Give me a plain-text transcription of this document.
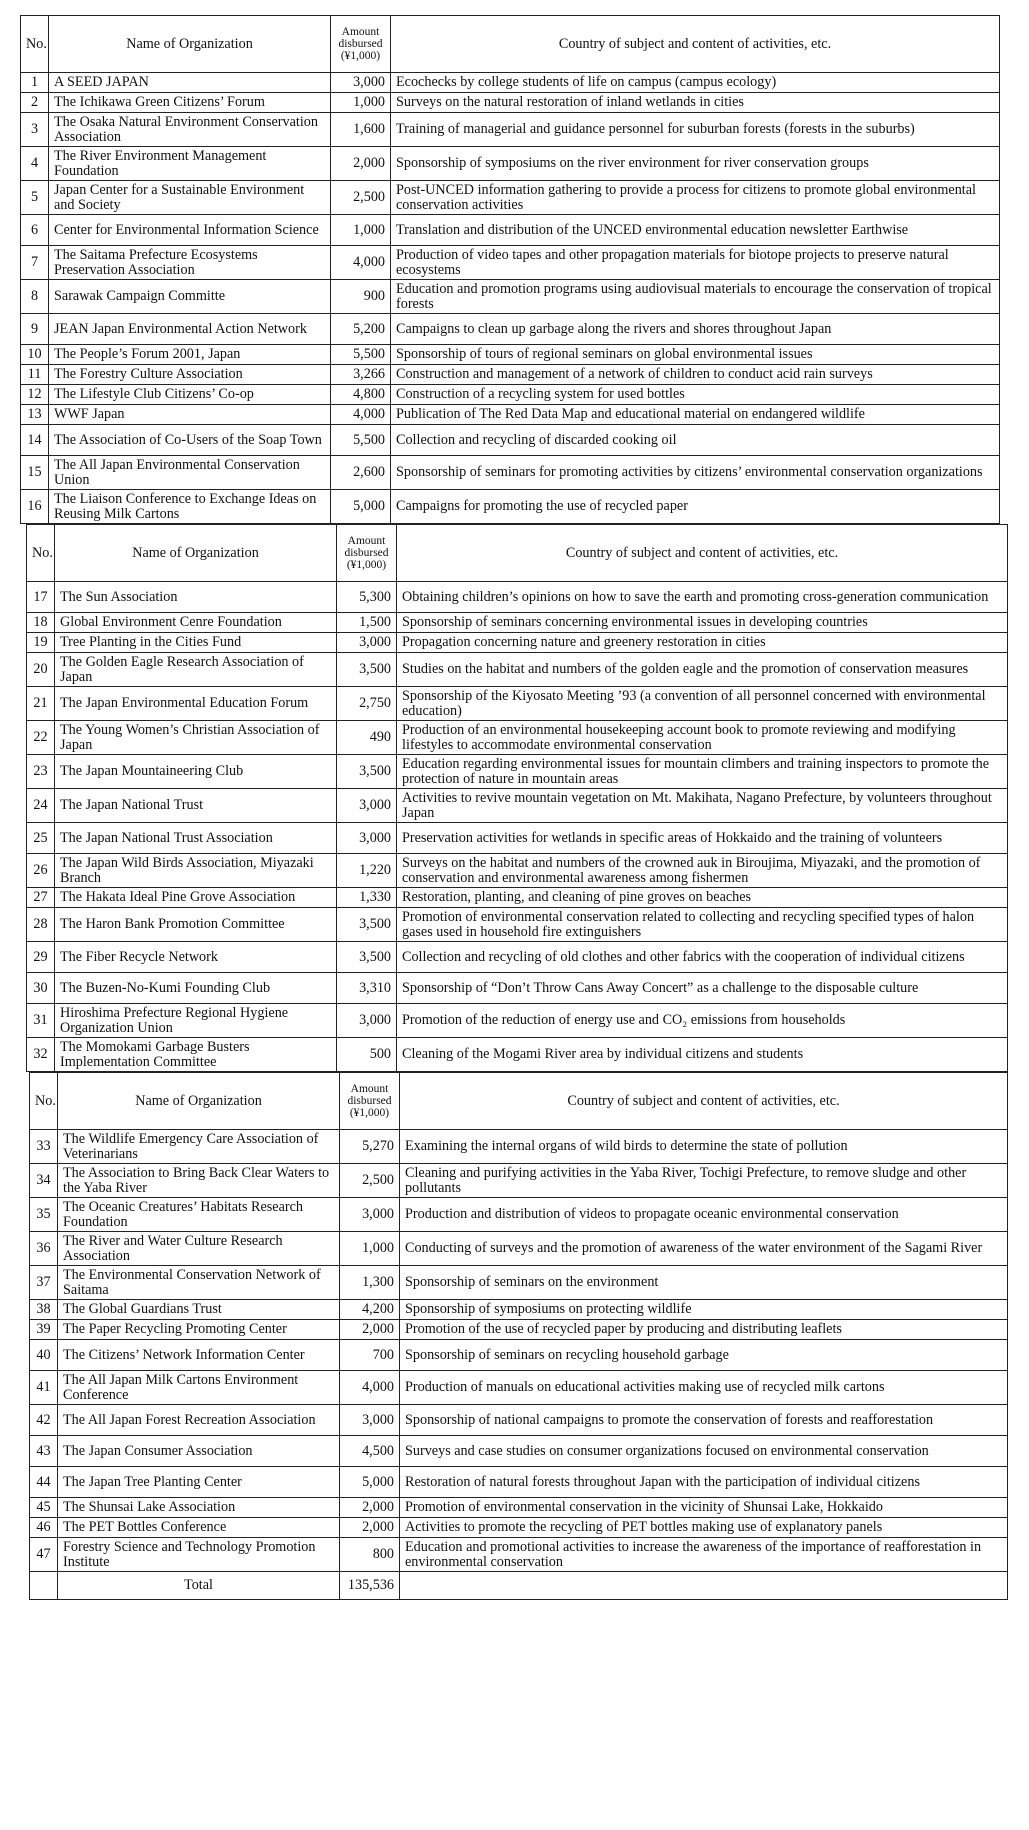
No.	Name of Organization	Amount
disbursed
(¥1,000)	Country of subject and content of activities, etc.
1	A SEED JAPAN	3,000	Ecochecks by college students of life on campus (campus ecology)
2	The Ichikawa Green Citizens’ Forum	1,000	Surveys on the natural restoration of inland wetlands in cities
3	The Osaka Natural Environment Conservation Association	1,600	Training of managerial and guidance personnel for suburban forests (forests in the suburbs)
4	The River Environment Management Foundation	2,000	Sponsorship of symposiums on the river environment for river conservation groups
5	Japan Center for a Sustainable Environment and Society	2,500	Post-UNCED information gathering to provide a process for citizens to promote global environmental conservation activities
6	Center for Environmental Information Science	1,000	Translation and distribution of the UNCED environmental education newsletter Earthwise
7	The Saitama Prefecture Ecosystems Preservation Association	4,000	Production of video tapes and other propagation materials for biotope projects to preserve natural ecosystems
8	Sarawak Campaign Committe	900	Education and promotion programs using audiovisual materials to encourage the conservation of tropical forests
9	JEAN Japan Environmental Action Network	5,200	Campaigns to clean up garbage along the rivers and shores throughout Japan
10	The People’s Forum 2001, Japan	5,500	Sponsorship of tours of regional seminars on global environmental issues
11	The Forestry Culture Association	3,266	Construction and management of a network of children to conduct acid rain surveys
12	The Lifestyle Club Citizens’ Co-op	4,800	Construction of a recycling system for used bottles
13	WWF Japan	4,000	Publication of The Red Data Map and educational material on endangered wildlife
14	The Association of Co-Users of the Soap Town	5,500	Collection and recycling of discarded cooking oil
15	The All Japan Environmental Conservation Union	2,600	Sponsorship of seminars for promoting activities by citizens’ environmental conservation organizations
16	The Liaison Conference to Exchange Ideas on Reusing Milk Cartons	5,000	Campaigns for promoting the use of recycled paper
No.	Name of Organization	Amount
disbursed
(¥1,000)	Country of subject and content of activities, etc.
17	The Sun Association	5,300	Obtaining children’s opinions on how to save the earth and promoting cross-generation communication
18	Global Environment Cenre Foundation	1,500	Sponsorship of seminars concerning environmental issues in developing countries
19	Tree Planting in the Cities Fund	3,000	Propagation concerning nature and greenery restoration in cities
20	The Golden Eagle Research Association of Japan	3,500	Studies on the habitat and numbers of the golden eagle and the promotion of conservation measures
21	The Japan Environmental Education Forum	2,750	Sponsorship of the Kiyosato Meeting ’93 (a convention of all personnel concerned with environmental education)
22	The Young Women’s Christian Association of Japan	490	Production of an environmental housekeeping account book to promote reviewing and modifying lifestyles to accommodate environmental conservation
23	The Japan Mountaineering Club	3,500	Education regarding environmental issues for mountain climbers and training inspectors to promote the protection of nature in mountain areas
24	The Japan National Trust	3,000	Activities to revive mountain vegetation on Mt. Makihata, Nagano Prefecture, by volunteers throughout Japan
25	The Japan National Trust Association	3,000	Preservation activities for wetlands in specific areas of Hokkaido and the training of volunteers
26	The Japan Wild Birds Association, Miyazaki Branch	1,220	Surveys on the habitat and numbers of the crowned auk in Biroujima, Miyazaki, and the promotion of conservation and environmental awareness among fishermen
27	The Hakata Ideal Pine Grove Association	1,330	Restoration, planting, and cleaning of pine groves on beaches
28	The Haron Bank Promotion Committee	3,500	Promotion of environmental conservation related to collecting and recycling specified types of halon gases used in household fire extinguishers
29	The Fiber Recycle Network	3,500	Collection and recycling of old clothes and other fabrics with the cooperation of individual citizens
30	The Buzen-No-Kumi Founding Club	3,310	Sponsorship of “Don’t Throw Cans Away Concert” as a challenge to the disposable culture
31	Hiroshima Prefecture Regional Hygiene Organization Union	3,000	Promotion of the reduction of energy use and CO₂ emissions from households
32	The Momokami Garbage Busters Implementation Committee	500	Cleaning of the Mogami River area by individual citizens and students
No.	Name of Organization	Amount
disbursed
(¥1,000)	Country of subject and content of activities, etc.
33	The Wildlife Emergency Care Association of Veterinarians	5,270	Examining the internal organs of wild birds to determine the state of pollution
34	The Association to Bring Back Clear Waters to the Yaba River	2,500	Cleaning and purifying activities in the Yaba River, Tochigi Prefecture, to remove sludge and other pollutants
35	The Oceanic Creatures’ Habitats Research Foundation	3,000	Production and distribution of videos to propagate oceanic environmental conservation
36	The River and Water Culture Research Association	1,000	Conducting of surveys and the promotion of awareness of the water environment of the Sagami River
37	The Environmental Conservation Network of Saitama	1,300	Sponsorship of seminars on the environment
38	The Global Guardians Trust	4,200	Sponsorship of symposiums on protecting wildlife
39	The Paper Recycling Promoting Center	2,000	Promotion of the use of recycled paper by producing and distributing leaflets
40	The Citizens’ Network Information Center	700	Sponsorship of seminars on recycling household garbage
41	The All Japan Milk Cartons Environment Conference	4,000	Production of manuals on educational activities making use of recycled milk cartons
42	The All Japan Forest Recreation Association	3,000	Sponsorship of national campaigns to promote the conservation of forests and reafforestation
43	The Japan Consumer Association	4,500	Surveys and case studies on consumer organizations focused on environmental conservation
44	The Japan Tree Planting Center	5,000	Restoration of natural forests throughout Japan with the participation of individual citizens
45	The Shunsai Lake Association	2,000	Promotion of environmental conservation in the vicinity of Shunsai Lake, Hokkaido
46	The PET Bottles Conference	2,000	Activities to promote the recycling of PET bottles making use of explanatory panels
47	Forestry Science and Technology Promotion Institute	800	Education and promotional activities to increase the awareness of the importance of reafforestation in environmental conservation
	Total	135,536	
